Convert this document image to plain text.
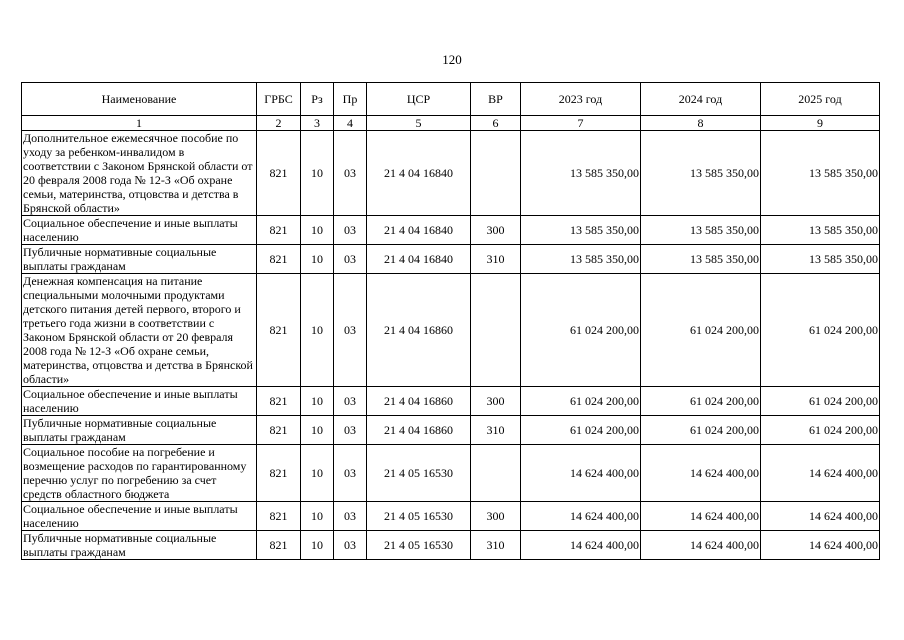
120
Наименование	ГРБС	Рз	Пр	ЦСР	ВР	2023 год	2024 год	2025 год
1	2	3	4	5	6	7	8	9
Дополнительное ежемесячное пособие по уходу за ребенком-инвалидом в соответствии с Законом Брянской области от 20 февраля 2008 года № 12-З «Об охране семьи, материнства, отцовства и детства в Брянской области»	821	10	03	21 4 04 16840		13 585 350,00	13 585 350,00	13 585 350,00
Социальное обеспечение и иные выплаты населению	821	10	03	21 4 04 16840	300	13 585 350,00	13 585 350,00	13 585 350,00
Публичные нормативные социальные выплаты гражданам	821	10	03	21 4 04 16840	310	13 585 350,00	13 585 350,00	13 585 350,00
Денежная компенсация на питание специальными молочными продуктами детского питания детей первого, второго и третьего года жизни в соответствии с Законом Брянской области от 20 февраля 2008 года № 12-З «Об охране семьи, материнства, отцовства и детства в Брянской области»	821	10	03	21 4 04 16860		61 024 200,00	61 024 200,00	61 024 200,00
Социальное обеспечение и иные выплаты населению	821	10	03	21 4 04 16860	300	61 024 200,00	61 024 200,00	61 024 200,00
Публичные нормативные социальные выплаты гражданам	821	10	03	21 4 04 16860	310	61 024 200,00	61 024 200,00	61 024 200,00
Социальное пособие на погребение и возмещение расходов по гарантированному перечню услуг по погребению за счет средств областного бюджета	821	10	03	21 4 05 16530		14 624 400,00	14 624 400,00	14 624 400,00
Социальное обеспечение и иные выплаты населению	821	10	03	21 4 05 16530	300	14 624 400,00	14 624 400,00	14 624 400,00
Публичные нормативные социальные выплаты гражданам	821	10	03	21 4 05 16530	310	14 624 400,00	14 624 400,00	14 624 400,00
